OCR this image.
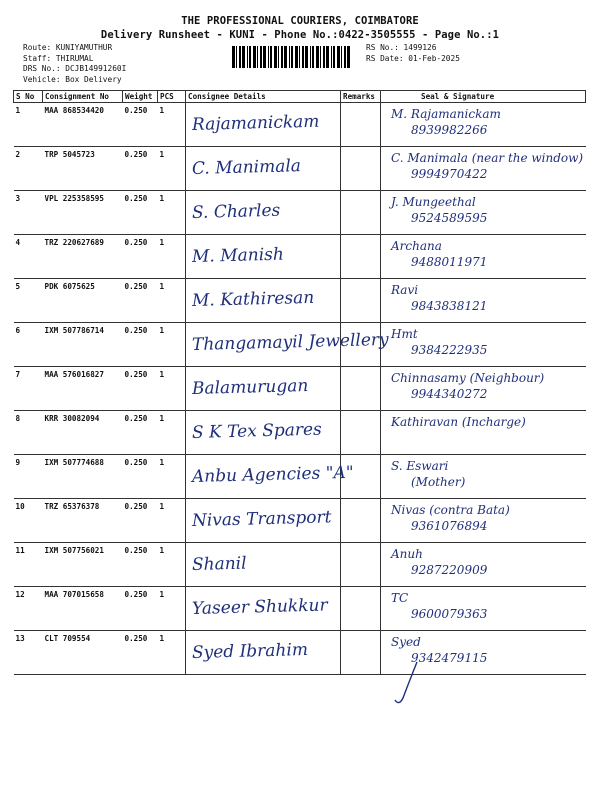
THE PROFESSIONAL COURIERS, COIMBATORE
Delivery Runsheet - KUNI - Phone No.:0422-3505555 - Page No.:1
Route: KUNIYAMUTHUR
Staff: THIRUMAL
DRS No.: DCJB14991260I
Vehicle: Box Delivery
RS No.: 1499126
RS Date: 01-Feb-2025
S No	Consignment No	Weight	PCS	Consignee Details	Remarks	Seal & Signature
1	MAA 868534420	0.250	1	Rajamanickam		M. Rajamanickam
8939982266

2	TRP 5045723	0.250	1	C. Manimala		C. Manimala (near the window)
9994970422

3	VPL 225358595	0.250	1	S. Charles		J. Mungeethal
9524589595

4	TRZ 220627689	0.250	1	M. Manish		Archana
9488011971

5	PDK 6075625	0.250	1	M. Kathiresan		Ravi
9843838121

6	IXM 507786714	0.250	1	Thangamayil Jewellery		Hmt
9384222935

7	MAA 576016827	0.250	1	Balamurugan		Chinnasamy (Neighbour)
9944340272

8	KRR 30082094	0.250	1	S K Tex Spares		Kathiravan (Incharge)

9	IXM 507774688	0.250	1	Anbu Agencies "A"		S. Eswari
(Mother)

10	TRZ 65376378	0.250	1	Nivas Transport		Nivas (contra Bata)
9361076894

11	IXM 507756021	0.250	1	Shanil		Anuh
9287220909

12	MAA 707015658	0.250	1	Yaseer Shukkur		TC
9600079363

13	CLT 709554	0.250	1	Syed Ibrahim		Syed
9342479115
